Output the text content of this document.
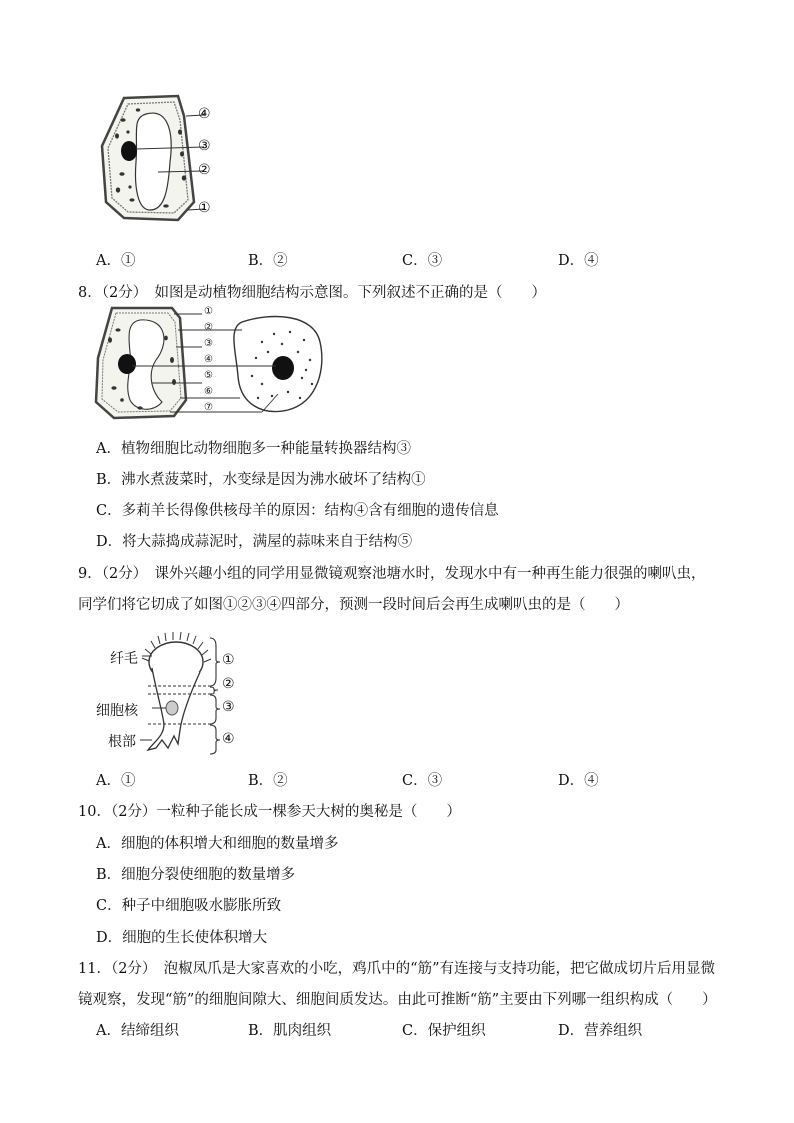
④
③
②
①
A．①	B．②	C．③	D．④
8．（2分）　如图是动植物细胞结构示意图。下列叙述不正确的是（　　）
①
②
③
④
⑤
⑥
⑦
A．植物细胞比动物细胞多一种能量转换器结构③
B．沸水煮菠菜时，水变绿是因为沸水破坏了结构①
C．多莉羊长得像供核母羊的原因：结构④含有细胞的遗传信息
D．将大蒜捣成蒜泥时，满屋的蒜味来自于结构⑤
9．（2分）　课外兴趣小组的同学用显微镜观察池塘水时，发现水中有一种再生能力很强的喇叭虫，
同学们将它切成了如图①②③④四部分，预测一段时间后会再生成喇叭虫的是（　　）
纤毛
细胞核
根部
①
②
③
④
A．①	B．②	C．③	D．④
10．（2分）一粒种子能长成一棵参天大树的奥秘是（　　）
A．细胞的体积增大和细胞的数量增多
B．细胞分裂使细胞的数量增多
C．种子中细胞吸水膨胀所致
D．细胞的生长使体积增大
11．（2分）　泡椒凤爪是大家喜欢的小吃，鸡爪中的“筋”有连接与支持功能，把它做成切片后用显微
镜观察，发现“筋”的细胞间隙大、细胞间质发达。由此可推断“筋”主要由下列哪一组织构成（　　）
A．结缔组织	B．肌肉组织	C．保护组织	D．营养组织
